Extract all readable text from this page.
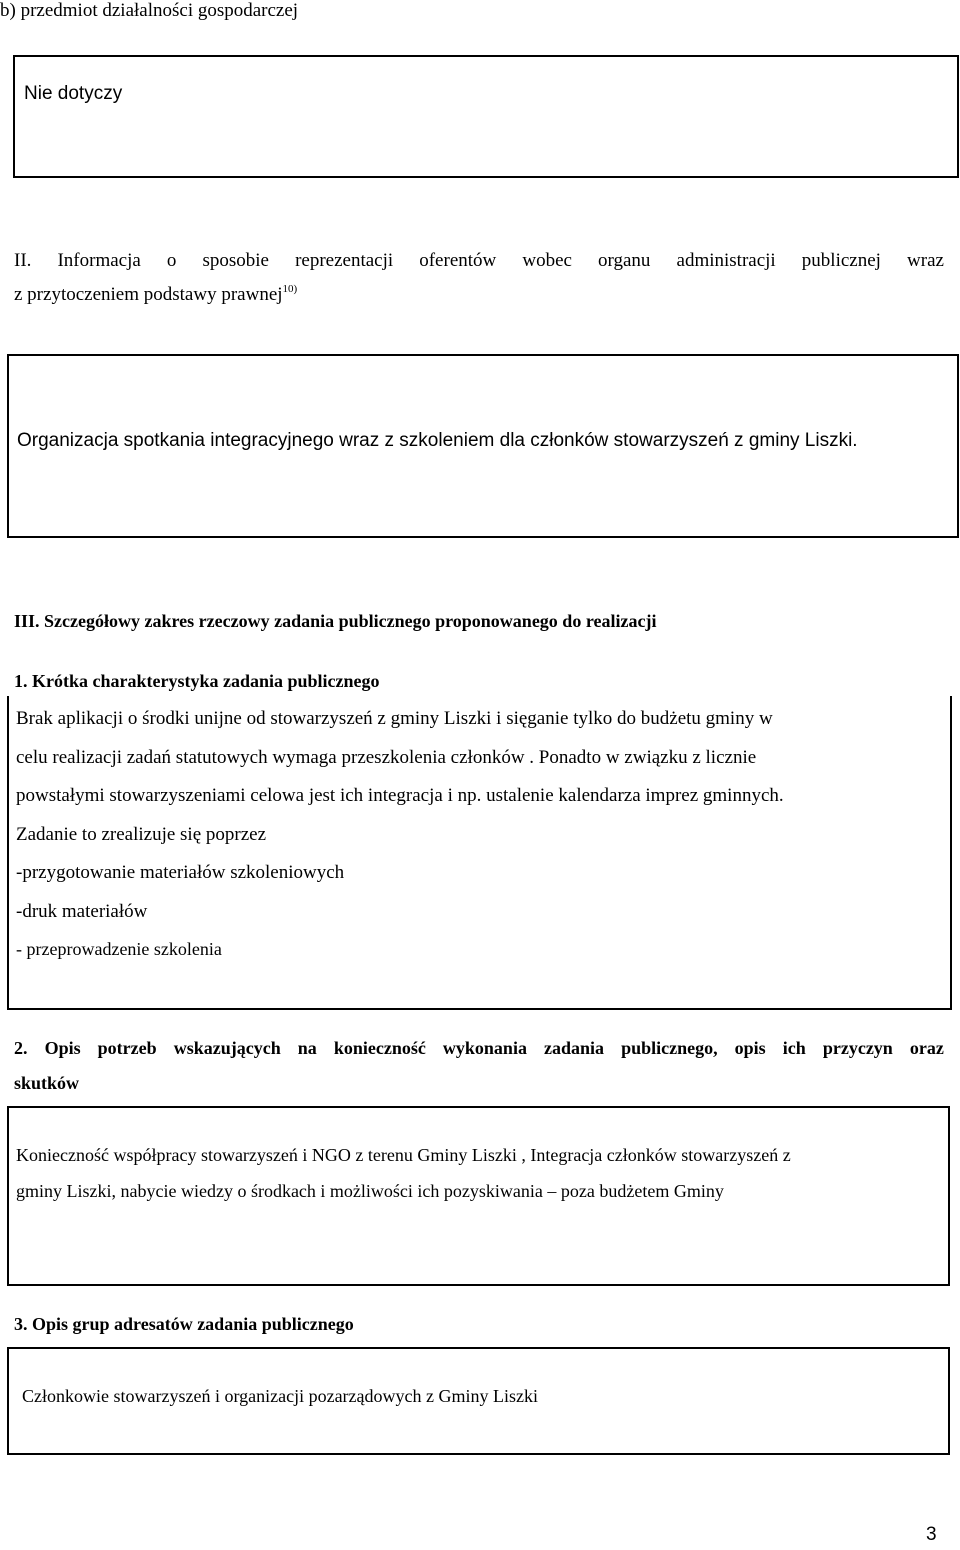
b) przedmiot działalności gospodarczej
Nie dotyczy
II. Informacja o sposobie reprezentacji oferentów wobec organu administracji publicznej wraz
z przytoczeniem podstawy prawnej$^{10)}$
Organizacja spotkania integracyjnego wraz z szkoleniem dla członków stowarzyszeń z gminy Liszki.
III. Szczegółowy zakres rzeczowy zadania publicznego proponowanego do realizacji
1. Krótka charakterystyka zadania publicznego
Brak aplikacji o środki unijne od stowarzyszeń z gminy Liszki i sięganie tylko do budżetu gminy w
celu realizacji zadań statutowych wymaga przeszkolenia członków . Ponadto w związku z licznie
powstałymi stowarzyszeniami celowa jest ich integracja i np. ustalenie kalendarza imprez gminnych.
Zadanie to zrealizuje się poprzez
-przygotowanie materiałów szkoleniowych
-druk materiałów
- przeprowadzenie szkolenia
2. Opis potrzeb wskazujących na konieczność wykonania zadania publicznego, opis ich przyczyn oraz
skutków
Konieczność współpracy stowarzyszeń i NGO z terenu Gminy Liszki , Integracja członków stowarzyszeń z
gminy Liszki, nabycie wiedzy o środkach i możliwości ich pozyskiwania – poza budżetem Gminy
3. Opis grup adresatów zadania publicznego
Członkowie stowarzyszeń i organizacji pozarządowych z Gminy Liszki
3
